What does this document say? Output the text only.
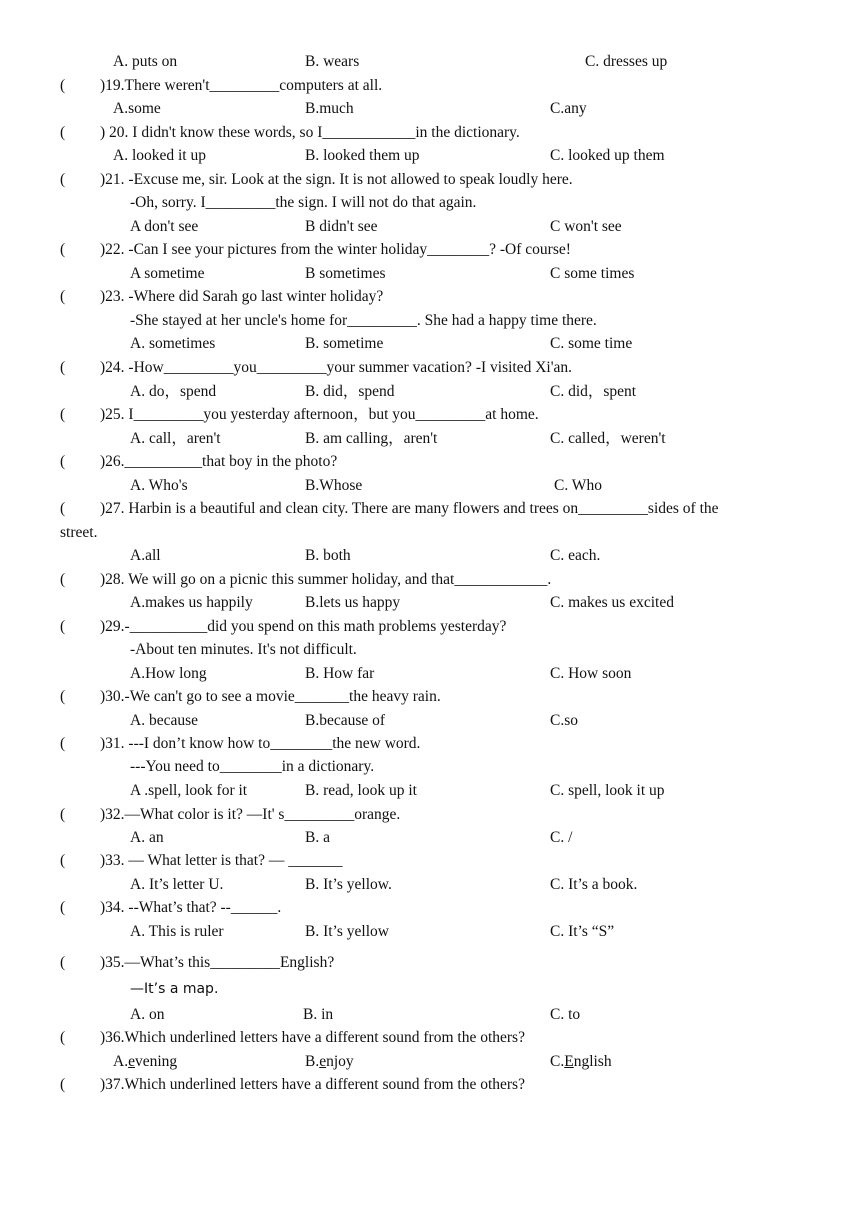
A. puts on	B. wears	C. dresses up
( )19.There weren't_________computers at all.
A.some	B.much	C.any
( ) 20. I didn't know these words, so I____________in the dictionary.
A. looked it up	B. looked them up	C. looked up them
( )21. -Excuse me, sir. Look at the sign. It is not allowed to speak loudly here.
-Oh, sorry. I_________the sign. I will not do that again.
A don't see	B didn't see	C won't see
( )22. -Can I see your pictures from the winter holiday________? -Of course!
A sometime	B sometimes	C some times
( )23. -Where did Sarah go last winter holiday?
-She stayed at her uncle's home for_________. She had a happy time there.
A. sometimes	B. sometime	C. some time
( )24. -How_________you_________your summer vacation? -I visited Xi'an.
A. do，spend	B. did，spend	C. did，spent
( )25. I_________you yesterday afternoon，but you_________at home.
A. call，aren't	B. am calling，aren't	C. called，weren't
( )26.__________that boy in the photo?
A. Who's	B.Whose	C. Who
( )27. Harbin is a beautiful and clean city. There are many flowers and trees on_________sides of the
street.
A.all	B. both	C. each.
( )28. We will go on a picnic this summer holiday, and that____________.
A.makes us happily	B.lets us happy	C. makes us excited
( )29.-__________did you spend on this math problems yesterday?
-About ten minutes. It's not difficult.
A.How long	B. How far	C. How soon
( )30.-We can't go to see a movie_______the heavy rain.
A. because	B.because of	C.so
( )31. ---I don’t know how to________the new word.
---You need to________in a dictionary.
A .spell, look for it	B. read, look up it	C. spell, look it up
( )32.—What color is it? —It' s_________orange.
A. an	B. a	C. /
( )33. — What letter is that? — _______
A. It’s letter U.	B. It’s yellow.	C. It’s a book.
( )34. --What’s that? --______.
A. This is ruler	B. It’s yellow	C. It’s “S”
( )35.—What’s this_________English?
—It’s a map.
A. on	B. in	C. to
( )36.Which underlined letters have a different sound from the others?
A.evening	B.enjoy	C.English
( )37.Which underlined letters have a different sound from the others?
